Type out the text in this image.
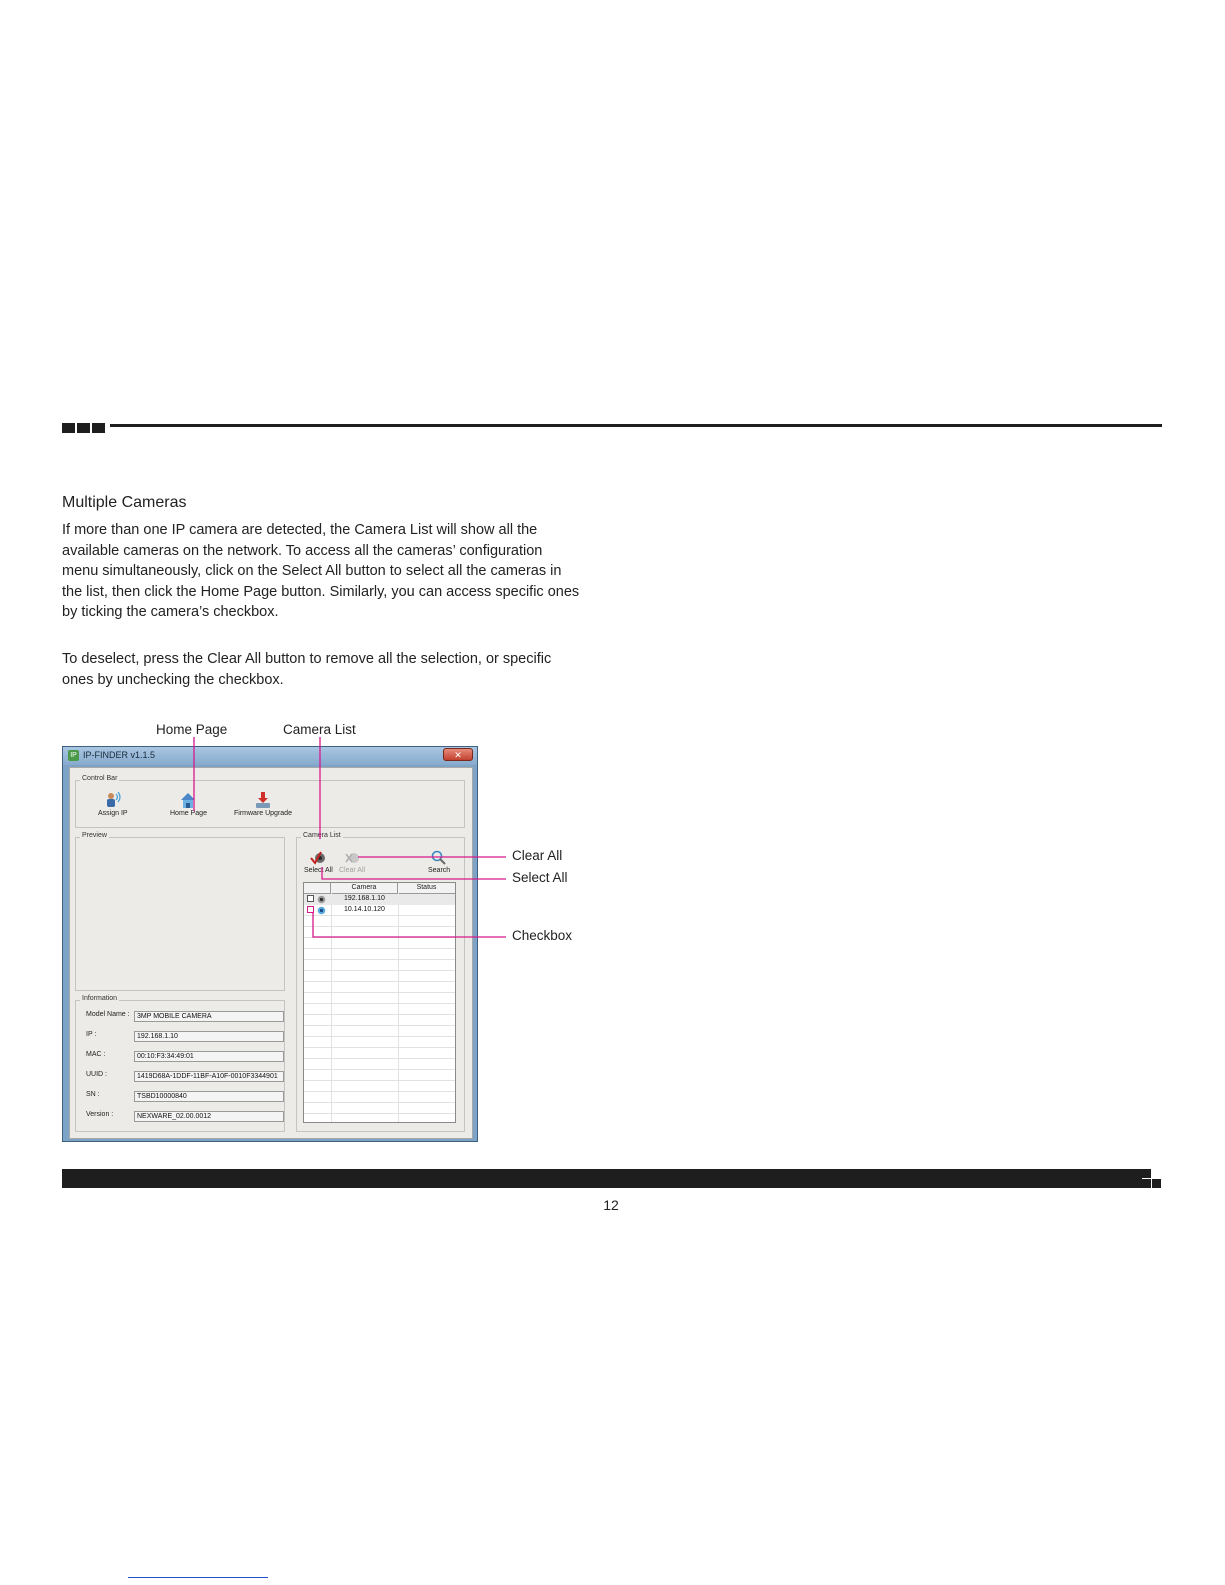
Multiple Cameras
If more than one IP camera are detected, the Camera List will show all the available cameras on the network. To access all the cameras’ configuration menu simultaneously, click on the Select All button to select all the cameras in the list, then click the Home Page button. Similarly, you can access specific ones by ticking the camera’s checkbox.
To deselect, press the Clear All button to remove all the selection, or specific ones by unchecking the checkbox.
Home Page	Camera List
Clear All
Select All
Checkbox
IP IP-FINDER v1.1.5	✕
Control Bar
Assign IP	Home Page	Firmware Upgrade
Preview
Information
Model Name :	3MP MOBILE CAMERA
IP :	192.168.1.10
MAC :	00:10:F3:34:49:01
UUID :	1419D68A-1DDF-11BF-A10F-0010F3344901
SN :	TSBD10000840
Version :	NEXWARE_02.00.0012
Camera List
Select All Clear All	Search
Camera	Status
192.168.1.10
10.14.10.120
12
